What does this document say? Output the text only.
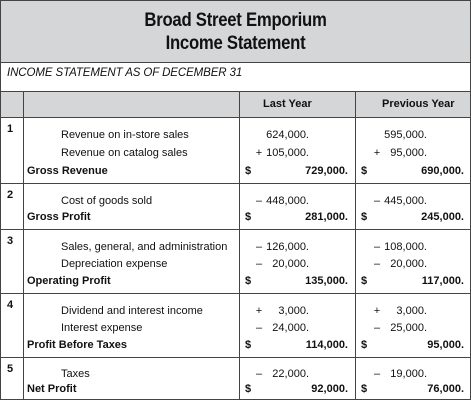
Broad Street Emporium
Income Statement
INCOME STATEMENT AS OF DECEMBER 31
Last Year	Previous Year
1	Revenue on in-store sales	624,000.	595,000.
Revenue on catalog sales	+ 105,000.	+ 95,000.
Gross Revenue	$	729,000. $	690,000.
2	Cost of goods sold	– 448,000.	– 445,000.
Gross Profit	$	281,000. $	245,000.
3	Sales, general, and administration	– 126,000.	– 108,000.
Depreciation expense	– 20,000.	– 20,000.
Operating Profit	$	135,000. $	117,000.
4	Dividend and interest income	+	3,000.	+	3,000.
Interest expense	– 24,000.	– 25,000.
Profit Before Taxes	$	114,000. $	95,000.
5	Taxes	– 22,000.	– 19,000.
Net Profit	$	92,000. $	76,000.
